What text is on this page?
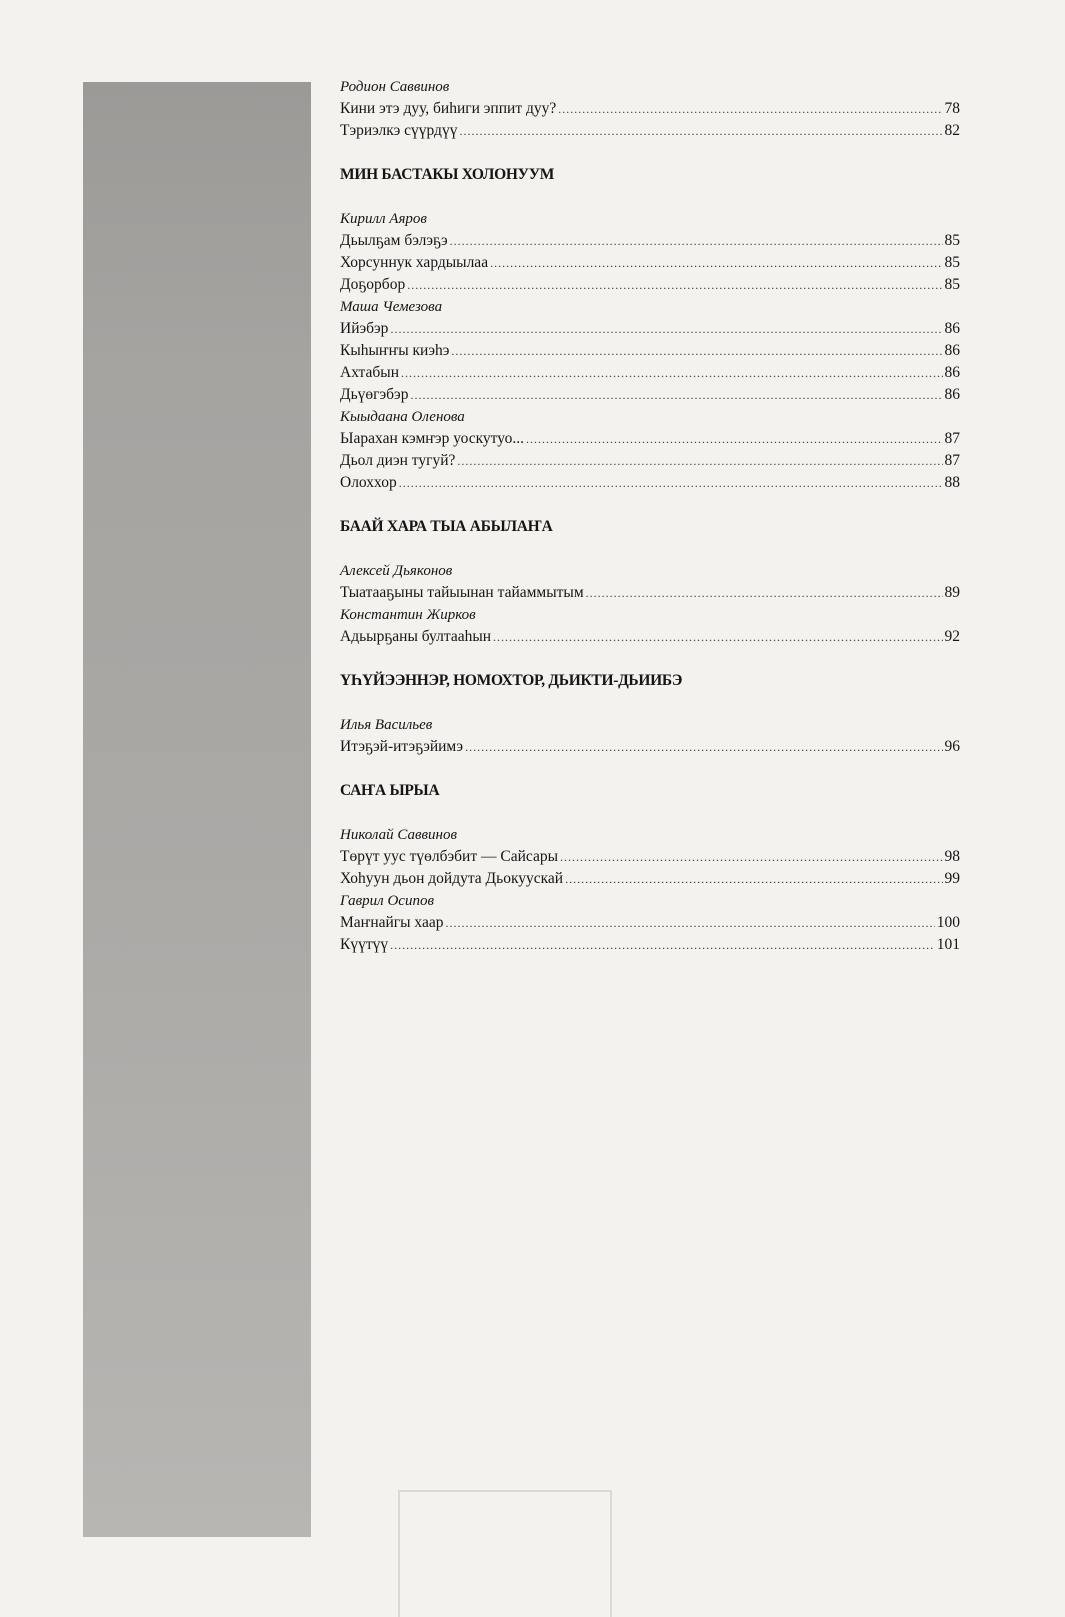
Родион Саввинов
Кини этэ дуу, биһиги эппит дуу? .....	78
Тэриэлкэ сүүрдүү .....	82
МИН БАСТАКЫ ХОЛОНУУМ
Кирилл Аяров
Дьылҕам бэлэҕэ .....	85
Хорсуннук хардыылаа .....	85
Доҕорбор .....	85
Маша Чемезова
Ийэбэр .....	86
Кыһыҥҥы киэһэ .....	86
Ахтабын .....	86
Дьүөгэбэр .....	86
Кыыдаана Оленова
Ыарахан кэмҥэр уоскутуо... .....	87
Дьол диэн тугуй? .....	87
Олоххор .....	88
БААЙ ХАРА ТЫА АБЫЛАҤА
Алексей Дьяконов
Тыатааҕыны тайыынан тайаммытым .....	89
Константин Жирков
Адьырҕаны бултааһын .....	92
ҮҺҮЙЭЭННЭР, НОМОХТОР, ДЬИКТИ-ДЬИИБЭ
Илья Васильев
Итэҕэй-итэҕэйимэ .....	96
САҤА ЫРЫА
Николай Саввинов
Төрүт уус түөлбэбит — Сайсары .....	98
Хоһуун дьон дойдута Дьокуускай .....	99
Гаврил Осипов
Маҥнайгы хаар .....	100
Күүтүү .....	101
